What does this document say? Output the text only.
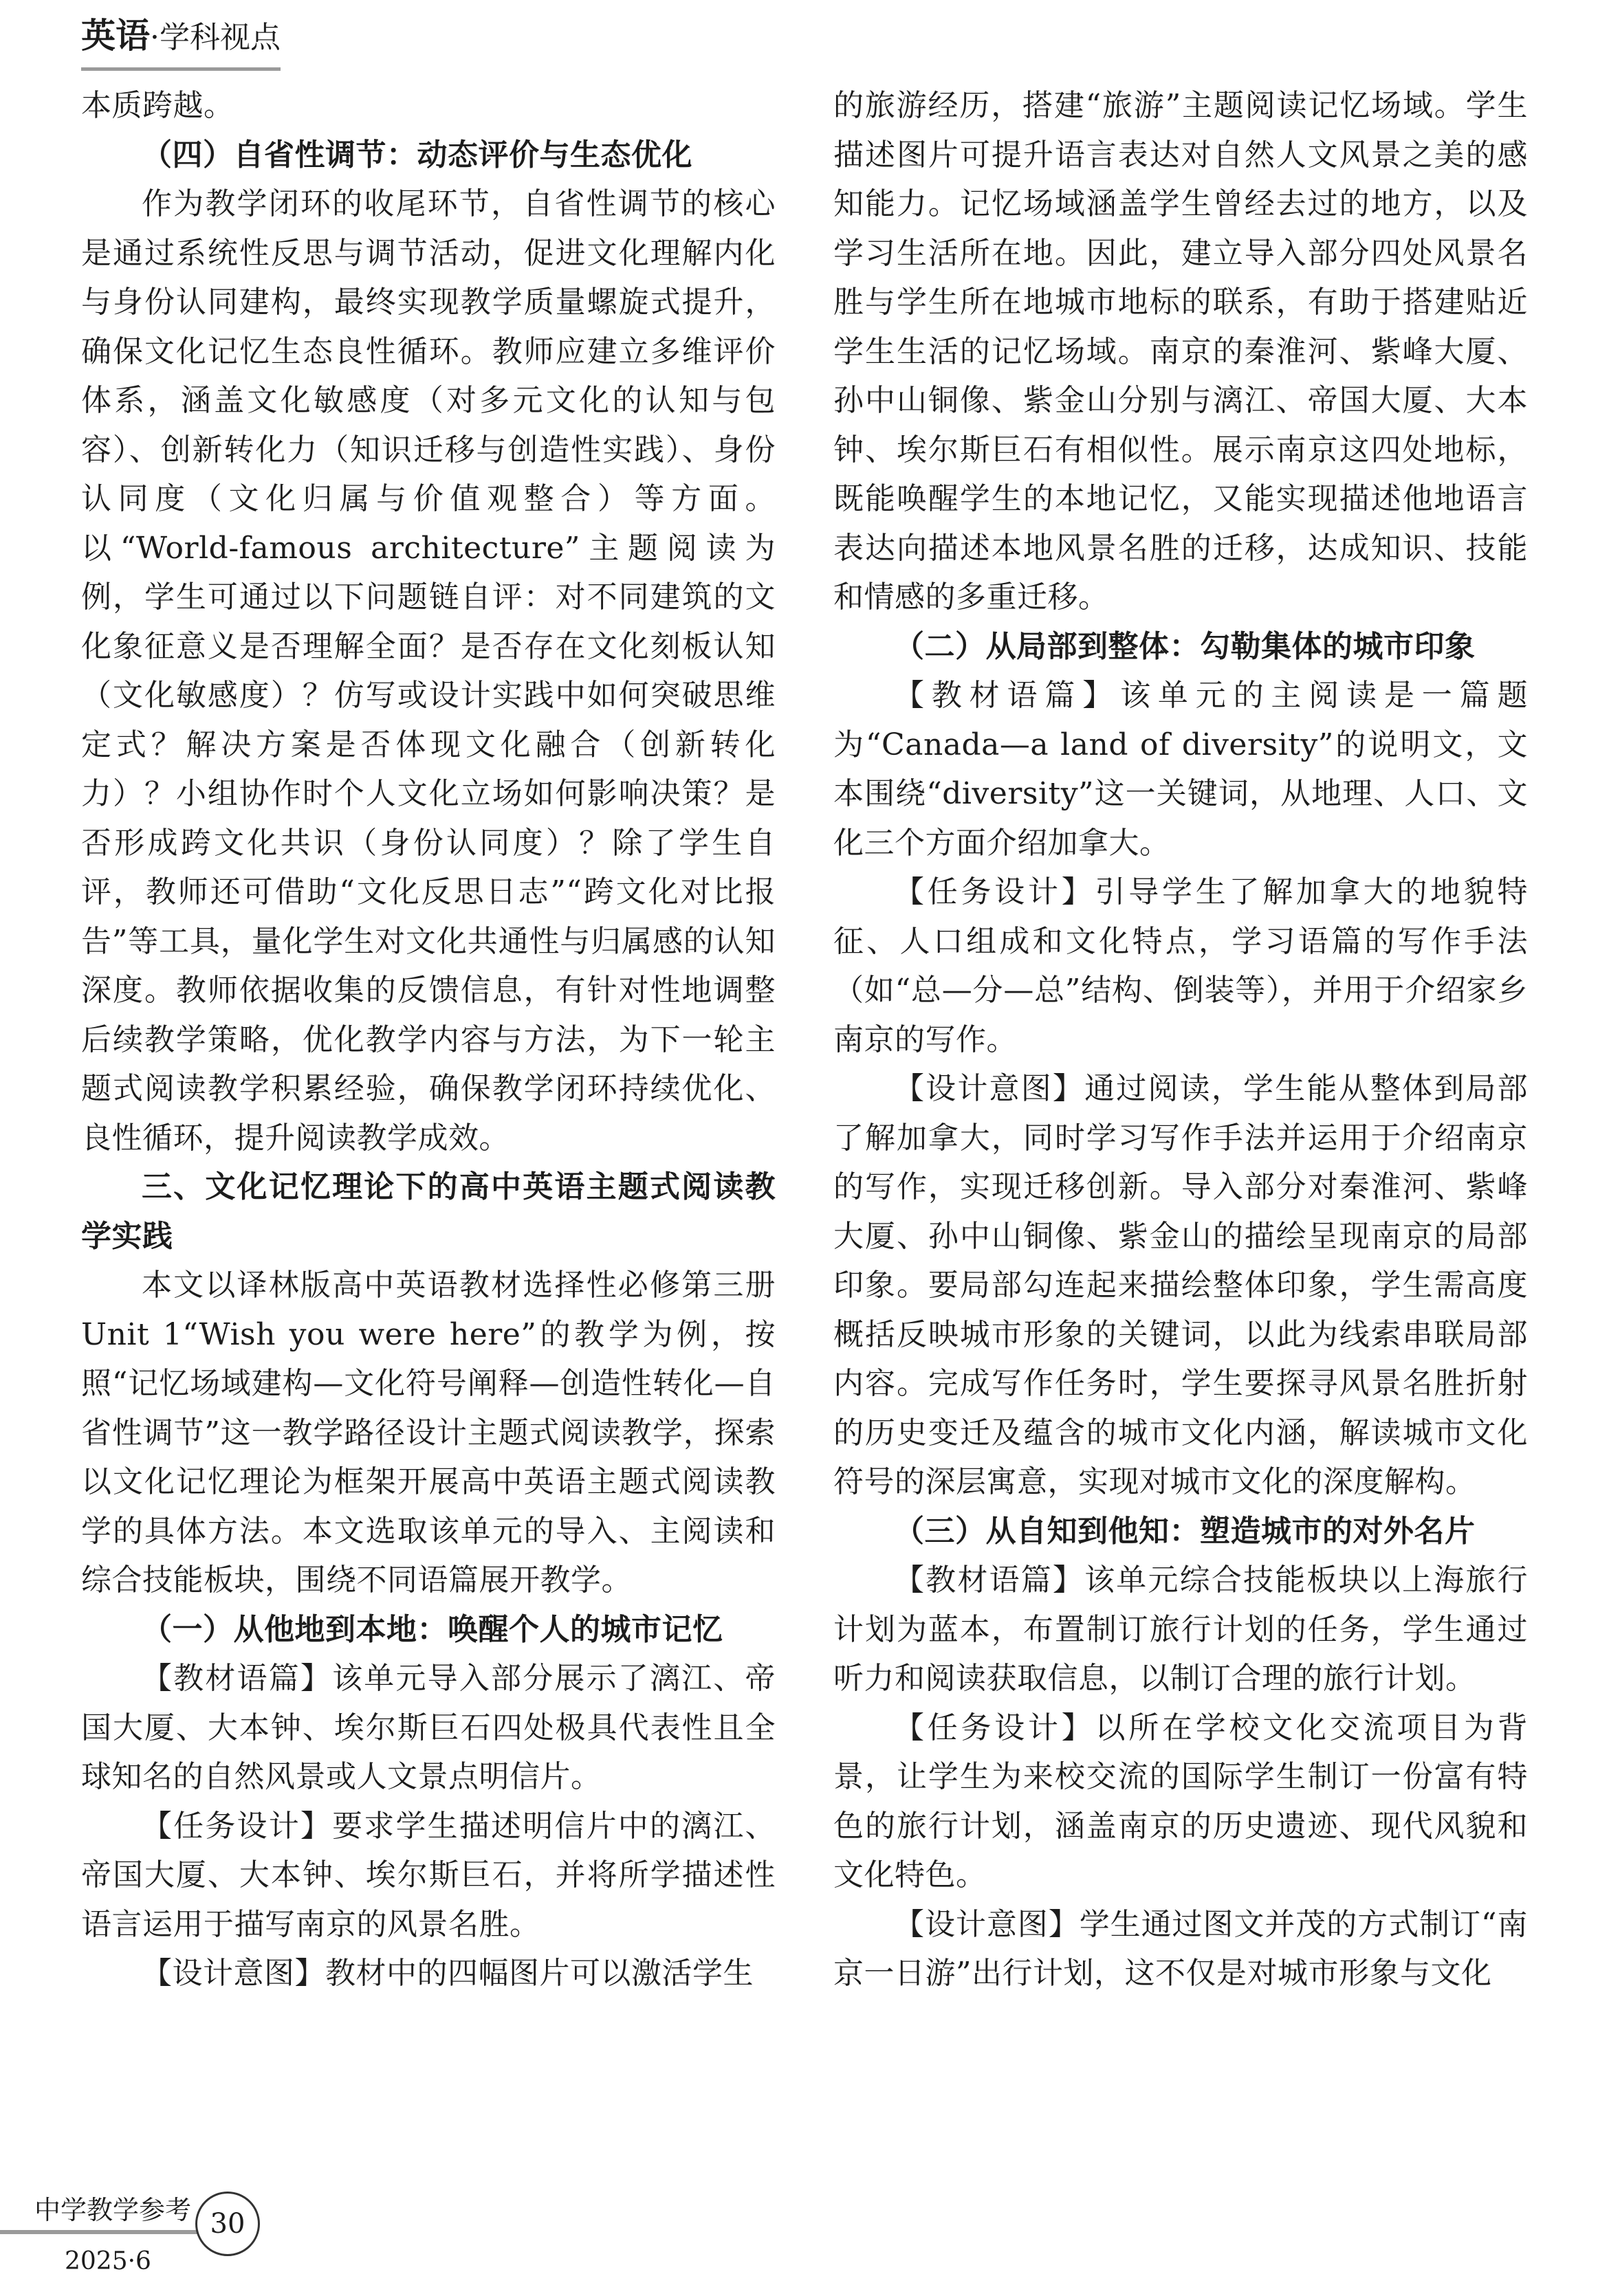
英语·学科视点

本质跨越。

（四）自省性调节：动态评价与生态优化

作为教学闭环的收尾环节，自省性调节的核心是通过系统性反思与调节活动，促进文化理解内化与身份认同建构，最终实现教学质量螺旋式提升，确保文化记忆生态良性循环。教师应建立多维评价体系，涵盖文化敏感度（对多元文化的认知与包容）、创新转化力（知识迁移与创造性实践）、身份认同度（文化归属与价值观整合）等方面。以“World-famous architecture”主题阅读为例，学生可通过以下问题链自评：对不同建筑的文化象征意义是否理解全面？是否存在文化刻板认知（文化敏感度）？仿写或设计实践中如何突破思维定式？解决方案是否体现文化融合（创新转化力）？小组协作时个人文化立场如何影响决策？是否形成跨文化共识（身份认同度）？除了学生自评，教师还可借助“文化反思日志”“跨文化对比报告”等工具，量化学生对文化共通性与归属感的认知深度。教师依据收集的反馈信息，有针对性地调整后续教学策略，优化教学内容与方法，为下一轮主题式阅读教学积累经验，确保教学闭环持续优化、良性循环，提升阅读教学成效。

三、文化记忆理论下的高中英语主题式阅读教学实践

本文以译林版高中英语教材选择性必修第三册 Unit 1“Wish you were here”的教学为例，按照“记忆场域建构—文化符号阐释—创造性转化—自省性调节”这一教学路径设计主题式阅读教学，探索以文化记忆理论为框架开展高中英语主题式阅读教学的具体方法。本文选取该单元的导入、主阅读和综合技能板块，围绕不同语篇展开教学。

（一）从他地到本地：唤醒个人的城市记忆

【教材语篇】该单元导入部分展示了漓江、帝国大厦、大本钟、埃尔斯巨石四处极具代表性且全球知名的自然风景或人文景点明信片。

【任务设计】要求学生描述明信片中的漓江、帝国大厦、大本钟、埃尔斯巨石，并将所学描述性语言运用于描写南京的风景名胜。

【设计意图】教材中的四幅图片可以激活学生

的旅游经历，搭建“旅游”主题阅读记忆场域。学生描述图片可提升语言表达对自然人文风景之美的感知能力。记忆场域涵盖学生曾经去过的地方，以及学习生活所在地。因此，建立导入部分四处风景名胜与学生所在地城市地标的联系，有助于搭建贴近学生生活的记忆场域。南京的秦淮河、紫峰大厦、孙中山铜像、紫金山分别与漓江、帝国大厦、大本钟、埃尔斯巨石有相似性。展示南京这四处地标，既能唤醒学生的本地记忆，又能实现描述他地语言表达向描述本地风景名胜的迁移，达成知识、技能和情感的多重迁移。

（二）从局部到整体：勾勒集体的城市印象

【教材语篇】该单元的主阅读是一篇题为“Canada—a land of diversity”的说明文，文本围绕“diversity”这一关键词，从地理、人口、文化三个方面介绍加拿大。

【任务设计】引导学生了解加拿大的地貌特征、人口组成和文化特点，学习语篇的写作手法（如“总—分—总”结构、倒装等），并用于介绍家乡南京的写作。

【设计意图】通过阅读，学生能从整体到局部了解加拿大，同时学习写作手法并运用于介绍南京的写作，实现迁移创新。导入部分对秦淮河、紫峰大厦、孙中山铜像、紫金山的描绘呈现南京的局部印象。要局部勾连起来描绘整体印象，学生需高度概括反映城市形象的关键词，以此为线索串联局部内容。完成写作任务时，学生要探寻风景名胜折射的历史变迁及蕴含的城市文化内涵，解读城市文化符号的深层寓意，实现对城市文化的深度解构。

（三）从自知到他知：塑造城市的对外名片

【教材语篇】该单元综合技能板块以上海旅行计划为蓝本，布置制订旅行计划的任务，学生通过听力和阅读获取信息，以制订合理的旅行计划。

【任务设计】以所在学校文化交流项目为背景，让学生为来校交流的国际学生制订一份富有特色的旅行计划，涵盖南京的历史遗迹、现代风貌和文化特色。

【设计意图】学生通过图文并茂的方式制订“南京一日游”出行计划，这不仅是对城市形象与文化

中学教学参考
2025·6
30
